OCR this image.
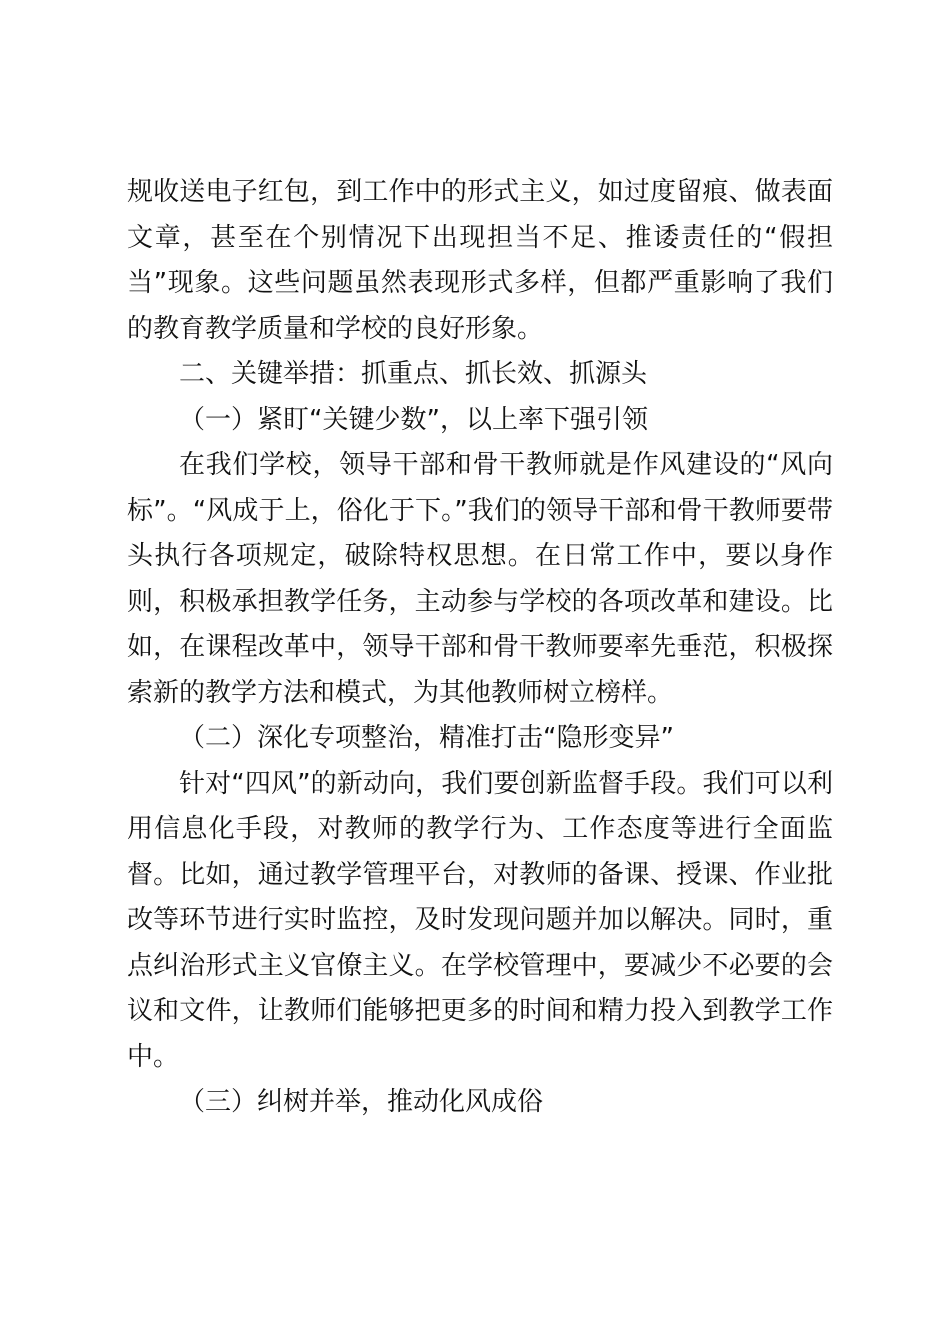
规收送电子红包，到工作中的形式主义，如过度留痕、做表面文章，甚至在个别情况下出现担当不足、推诿责任的“假担当”现象。这些问题虽然表现形式多样，但都严重影响了我们的教育教学质量和学校的良好形象。

二、关键举措：抓重点、抓长效、抓源头

（一）紧盯“关键少数”，以上率下强引领

在我们学校，领导干部和骨干教师就是作风建设的“风向标”。“风成于上，俗化于下。”我们的领导干部和骨干教师要带头执行各项规定，破除特权思想。在日常工作中，要以身作则，积极承担教学任务，主动参与学校的各项改革和建设。比如，在课程改革中，领导干部和骨干教师要率先垂范，积极探索新的教学方法和模式，为其他教师树立榜样。

（二）深化专项整治，精准打击“隐形变异”

针对“四风”的新动向，我们要创新监督手段。我们可以利用信息化手段，对教师的教学行为、工作态度等进行全面监督。比如，通过教学管理平台，对教师的备课、授课、作业批改等环节进行实时监控，及时发现问题并加以解决。同时，重点纠治形式主义官僚主义。在学校管理中，要减少不必要的会议和文件，让教师们能够把更多的时间和精力投入到教学工作中。

（三）纠树并举，推动化风成俗
